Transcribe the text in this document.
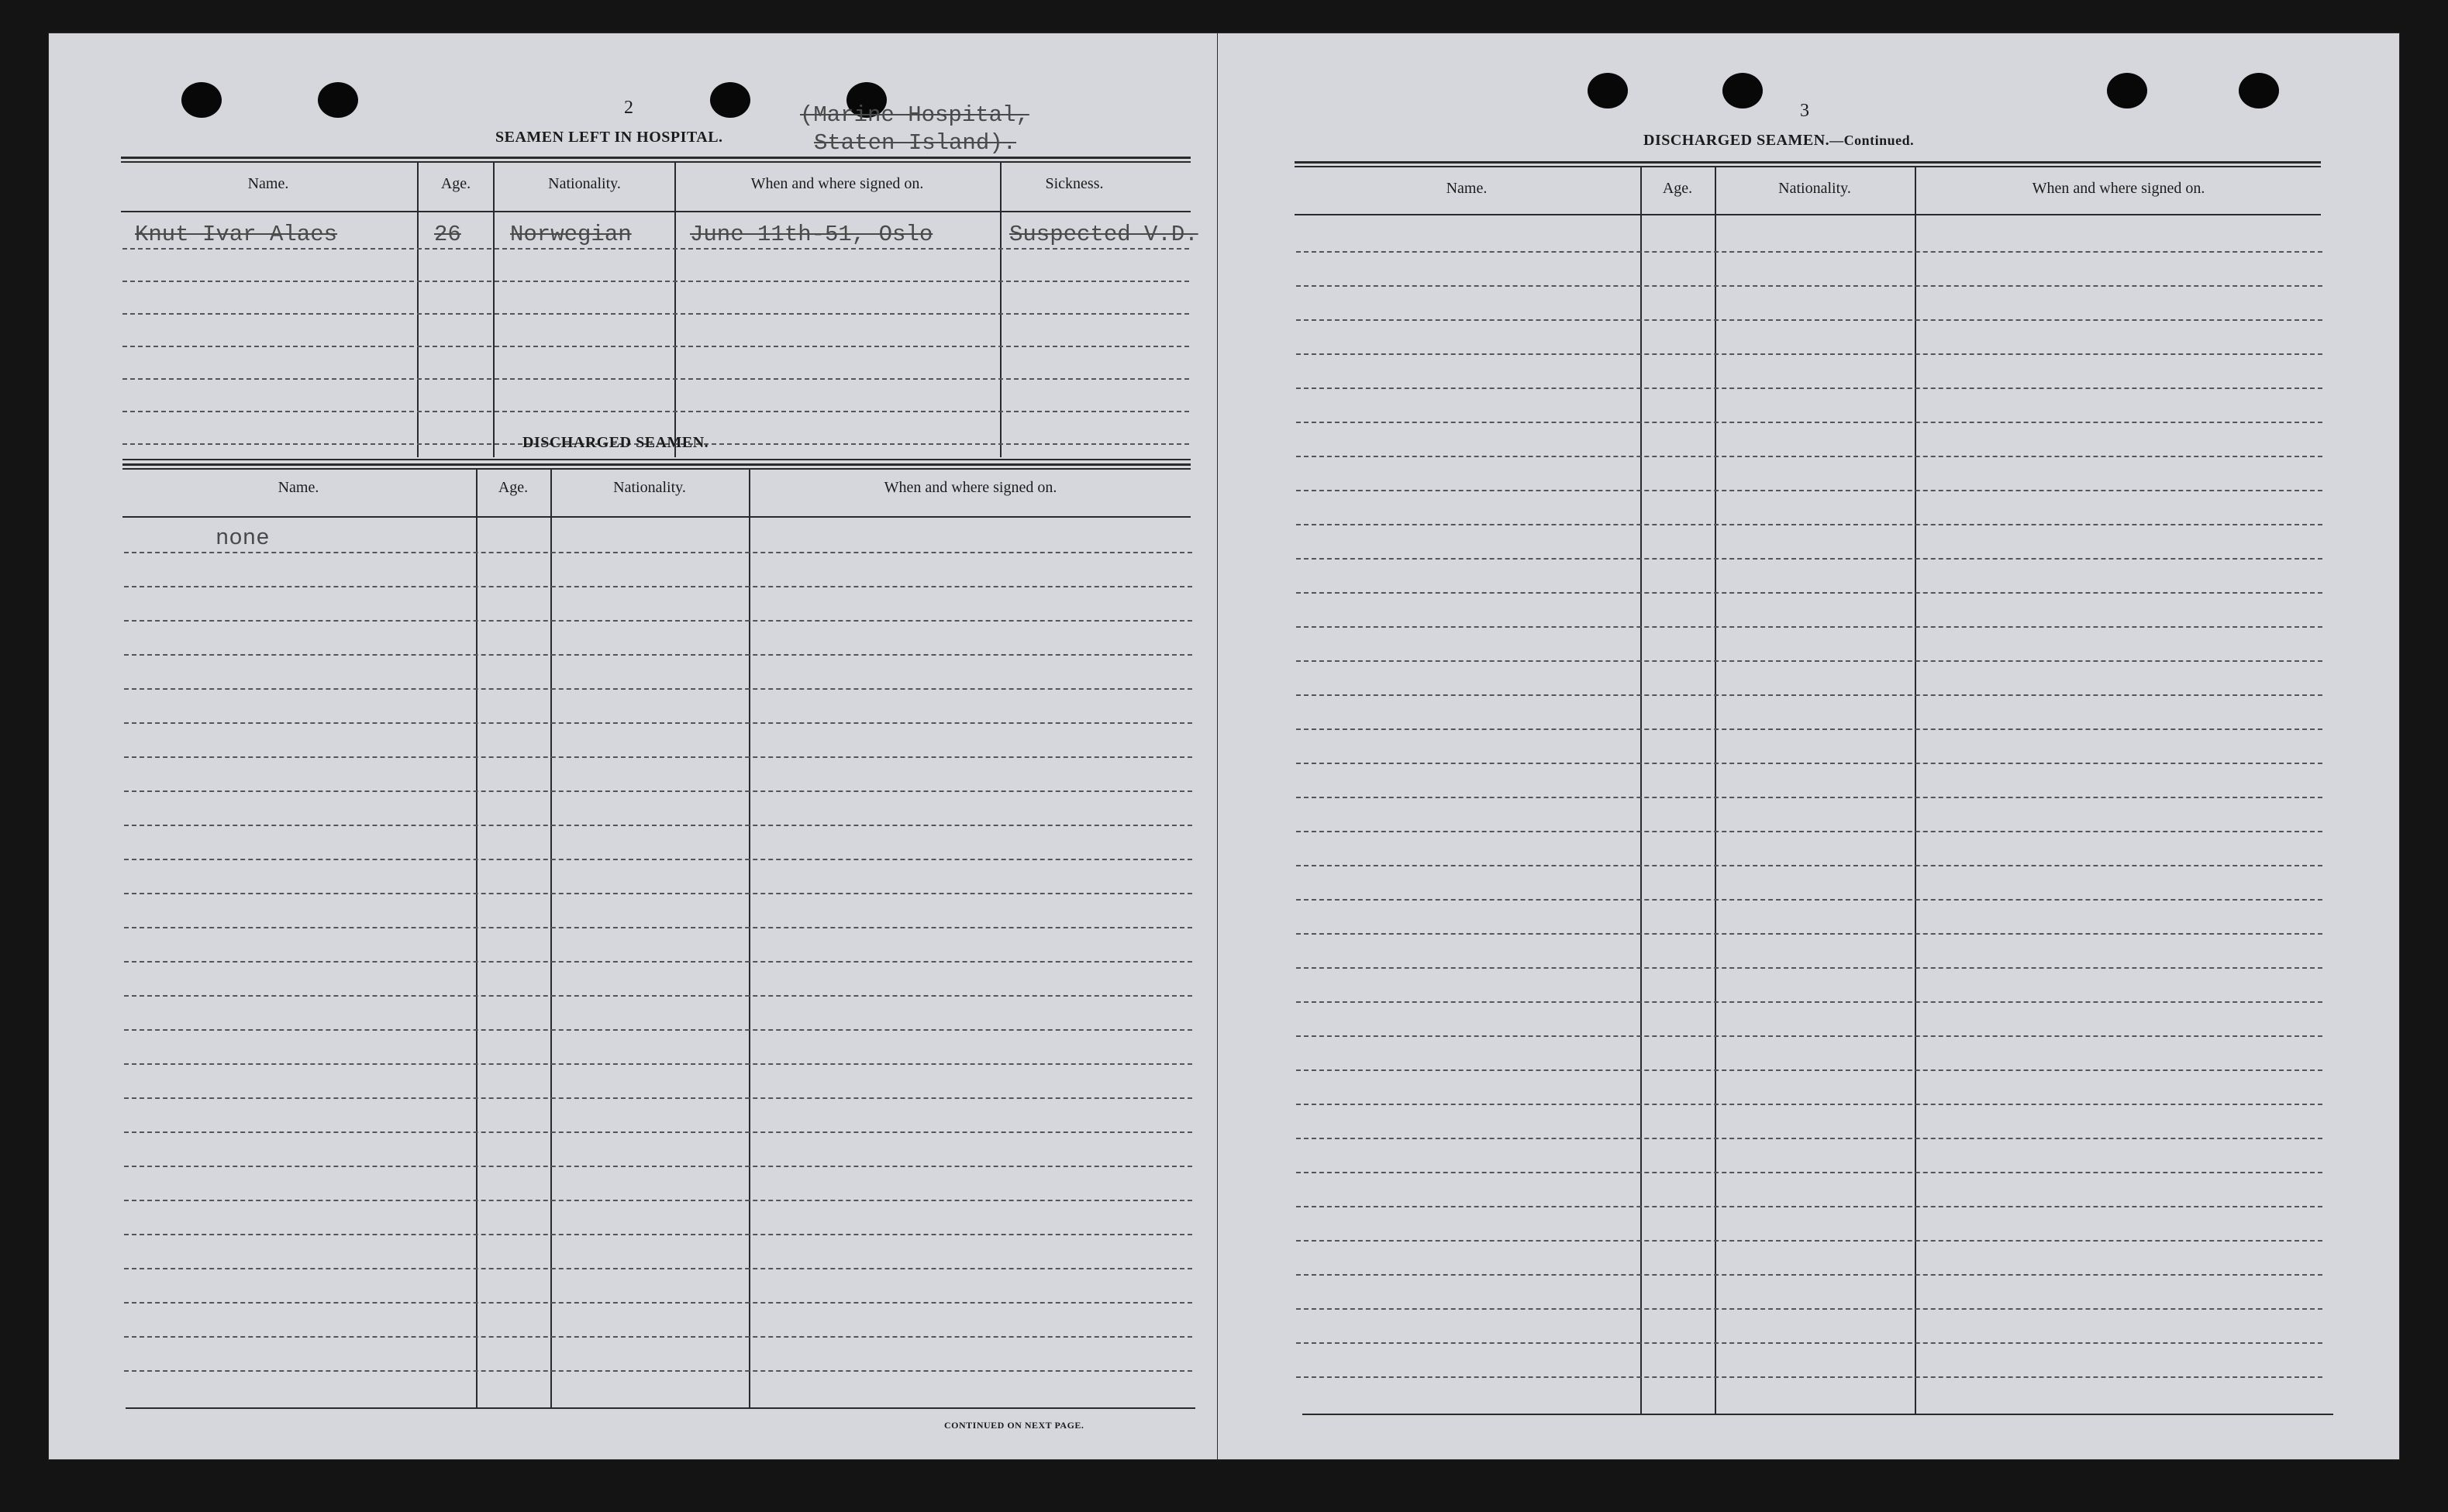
2
SEAMEN LEFT IN HOSPITAL.
(Marine Hospital,
Staten Island).
Name.	Age.	Nationality.	When and where signed on.	Sickness.
Knut Ivar Alaes	26 Norwegian	June 11th-51, Oslo	Suspected V.D.
DISCHARGED SEAMEN.
Name.	Age.	Nationality.	When and where signed on.
none
CONTINUED ON NEXT PAGE.
3
DISCHARGED SEAMEN.—Continued.
Name.	Age.	Nationality.	When and where signed on.
